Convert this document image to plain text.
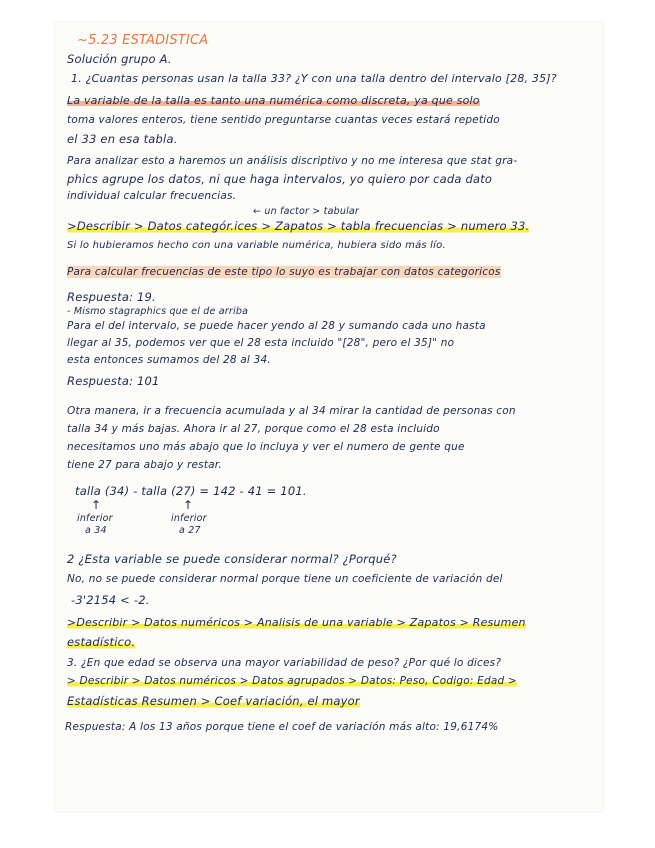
~5.23 ESTADISTICA
Solución grupo A.
1. ¿Cuantas personas usan la talla 33? ¿Y con una talla dentro del intervalo [28, 35]?
La variable de la talla es tanto una numérica como discreta, ya que solo
toma valores enteros, tiene sentido preguntarse cuantas veces estará repetido
el 33 en esa tabla.
Para analizar esto a haremos un análisis discriptivo y no me interesa que stat gra-
phics agrupe los datos, ni que haga intervalos, yo quiero por cada dato
individual calcular frecuencias.
← un factor > tabular
>Describir > Datos categór.ices > Zapatos > tabla frecuencias > numero 33.
Si lo hubieramos hecho con una variable numérica, hubiera sido más lío.
Para calcular frecuencias de este tipo lo suyo es trabajar con datos categoricos
Respuesta: 19.
- Mismo stagraphics que el de arriba
Para el del intervalo, se puede hacer yendo al 28 y sumando cada uno hasta
llegar al 35, podemos ver que el 28 esta incluido "[28", pero el 35]" no
esta entonces sumamos del 28 al 34.
Respuesta: 101
Otra manera, ir a frecuencia acumulada y al 34 mirar la cantidad de personas con
talla 34 y más bajas. Ahora ir al 27, porque como el 28 esta incluido
necesitamos uno más abajo que lo incluya y ver el numero de gente que
tiene 27 para abajo y restar.
talla (34) - talla (27) = 142 - 41 = 101.
↑	↑
inferior
a 34
inferior
a 27
2 ¿Esta variable se puede considerar normal? ¿Porqué?
No, no se puede considerar normal porque tiene un coeficiente de variación del
-3'2154 < -2.
>Describir > Datos numéricos > Analisis de una variable > Zapatos > Resumen
estadístico.
3. ¿En que edad se observa una mayor variabilidad de peso? ¿Por qué lo dices?
> Describir > Datos numéricos > Datos agrupados > Datos: Peso, Codigo: Edad >
Estadísticas Resumen > Coef variación, el mayor
Respuesta: A los 13 años porque tiene el coef de variación más alto: 19,6174%
